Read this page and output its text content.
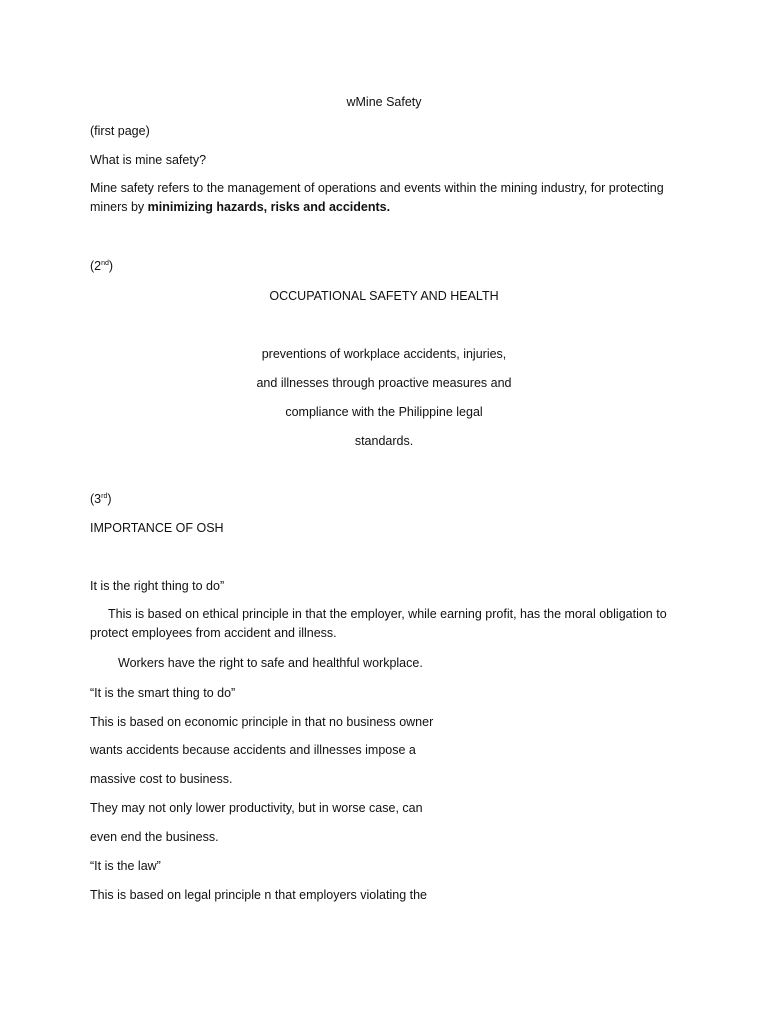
wMine Safety
(first page)
What is mine safety?
Mine safety refers to the management of operations and events within the mining industry, for protecting miners by minimizing hazards, risks and accidents.
(2nd)
OCCUPATIONAL SAFETY AND HEALTH
preventions of workplace accidents, injuries,
and illnesses through proactive measures and
compliance with the Philippine legal
standards.
(3rd)
IMPORTANCE OF OSH
It is the right thing to do”
This is based on ethical principle in that the employer, while earning profit, has the moral obligation to protect employees from accident and illness.
Workers have the right to safe and healthful workplace.
“It is the smart thing to do”
This is based on economic principle in that no business owner
wants accidents because accidents and illnesses impose a
massive cost to business.
They may not only lower productivity, but in worse case, can
even end the business.
“It is the law”
This is based on legal principle n that employers violating the
